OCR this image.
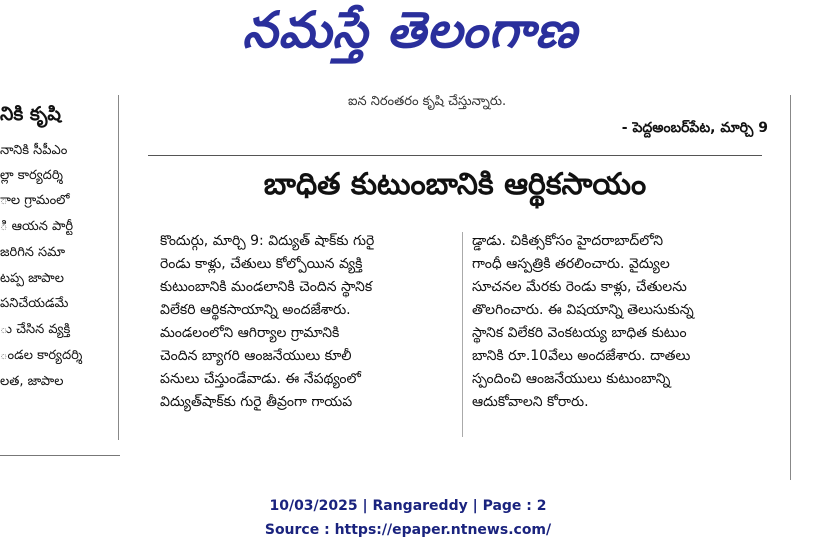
నమస్తే తెలంగాణ
నికి కృషి
నానికి సీపీఎం
ల్లా కార్యదర్శి
ాల గ్రామంలో
ి ఆయన పార్టీ
జరిగిన సమా
టప్ప జాపాల
పనిచేయడమే
ు చేసిన వ్యక్తి
ండల కార్యదర్శి
లత, జాపాల
ఐన నిరంతరం కృషి చేస్తున్నారు.
- పెద్దఅంబర్‌పేట, మార్చి 9
బాధిత కుటుంబానికి ఆర్థికసాయం
కొందుర్గు, మార్చి 9: విద్యుత్‌ షాక్‌కు గురై
రెండు కాళ్లు, చేతులు కోల్పోయిన వ్యక్తి
కుటుంబానికి మండలానికి చెందిన స్థానిక
విలేకరి ఆర్థికసాయాన్ని అందజేశారు.
మండలంలోని ఆగిర్యాల గ్రామానికి
చెందిన బ్యాగరి ఆంజనేయులు కూలీ
పనులు చేస్తుండేవాడు. ఈ నేపథ్యంలో
విద్యుత్‌షాక్‌కు గురై తీవ్రంగా గాయప
డ్డాడు. చికిత్సకోసం హైదరాబాద్‌లోని
గాంధీ ఆస్పత్రికి తరలించారు. వైద్యుల
సూచనల మేరకు రెండు కాళ్లు, చేతులను
తొలగించారు. ఈ విషయాన్ని తెలుసుకున్న
స్థానిక విలేకరి వెంకటయ్య బాధిత కుటుం
బానికి రూ.10వేలు అందజేశారు. దాతలు
స్పందించి ఆంజనేయులు కుటుంబాన్ని
ఆదుకోవాలని కోరారు.
10/03/2025 | Rangareddy | Page : 2
Source : https://epaper.ntnews.com/
